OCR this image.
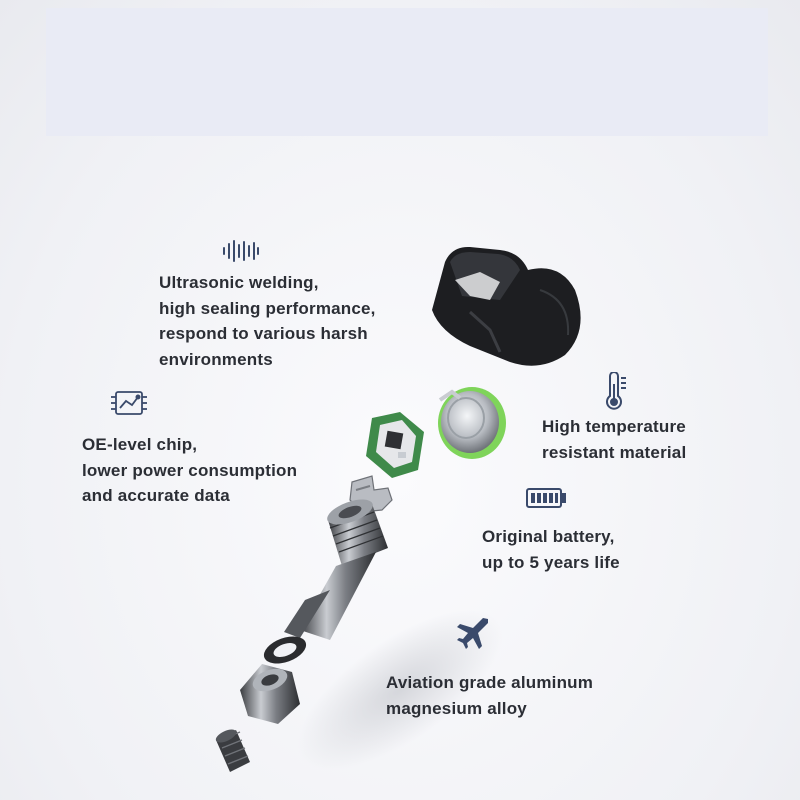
Ultrasonic welding,
high sealing performance,
respond to various harsh
environments

OE-level chip,
lower power consumption
and accurate data

High temperature
resistant material

Original battery,
up to 5 years life

Aviation grade aluminum
magnesium alloy
